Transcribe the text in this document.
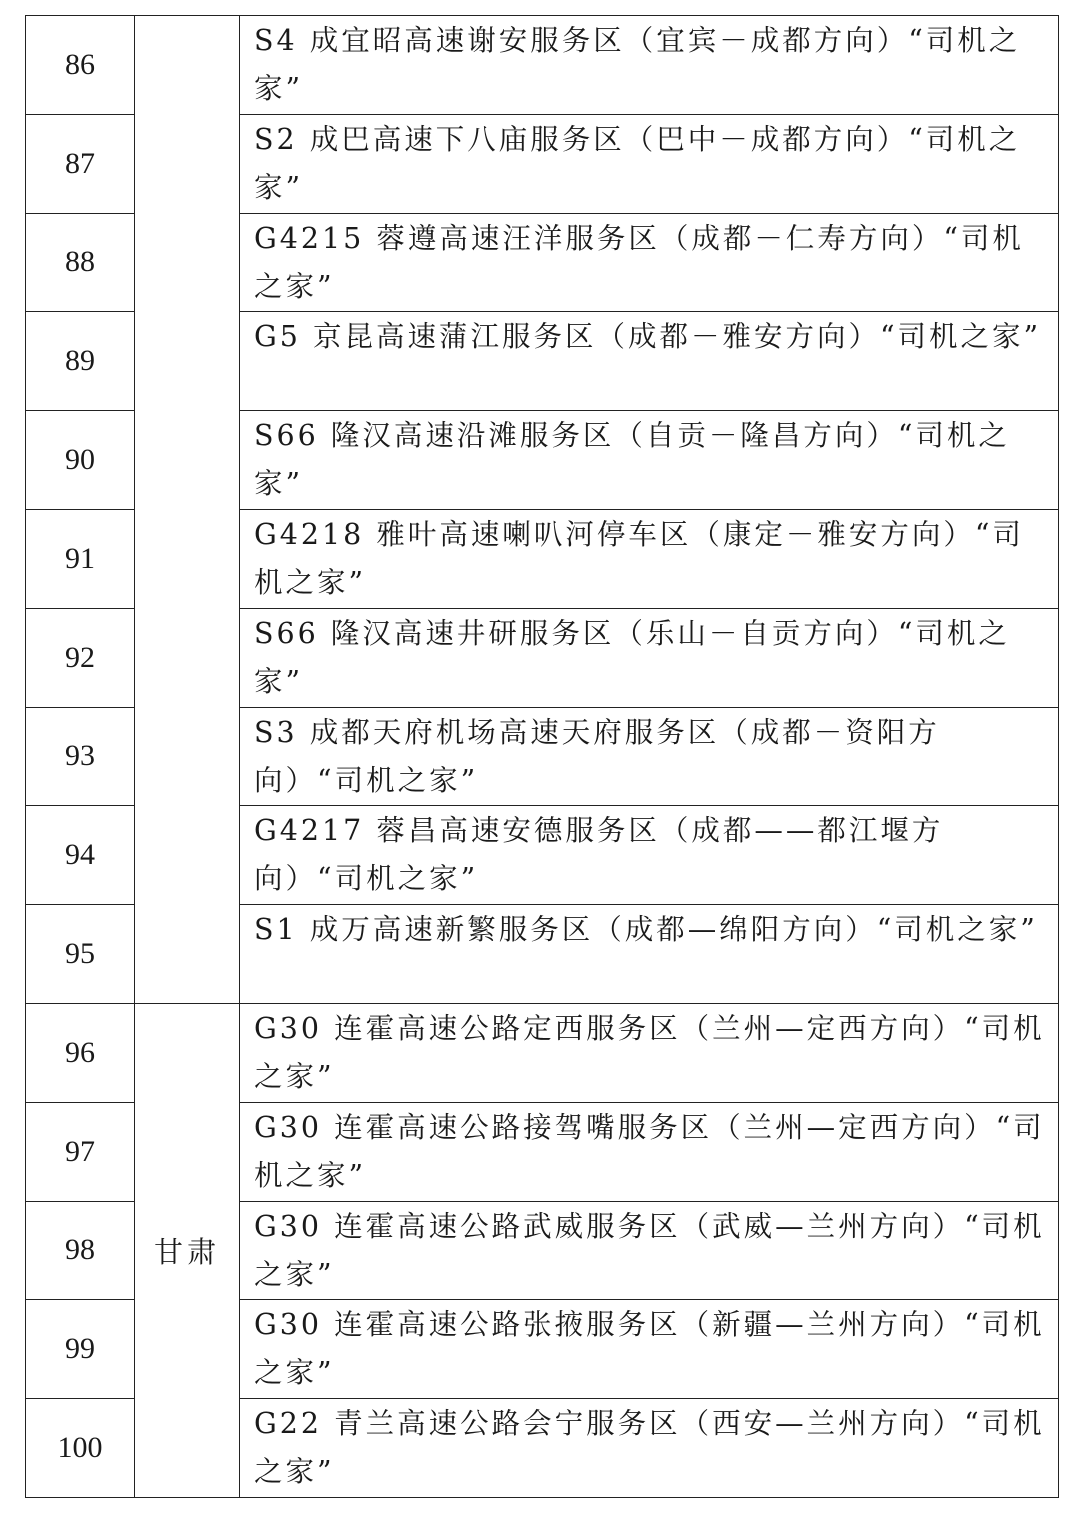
86		S4 成宜昭高速谢安服务区（宜宾－成都方向）“司机之家”

87		S2 成巴高速下八庙服务区（巴中－成都方向）“司机之家”

88		G4215 蓉遵高速汪洋服务区（成都－仁寿方向）“司机之家”

89		G5 京昆高速蒲江服务区（成都－雅安方向）“司机之家”

90		S66 隆汉高速沿滩服务区（自贡－隆昌方向）“司机之家”

91		G4218 雅叶高速喇叭河停车区（康定－雅安方向）“司机之家”

92		S66 隆汉高速井研服务区（乐山－自贡方向）“司机之家”

93		S3 成都天府机场高速天府服务区（成都－资阳方向）“司机之家”

94		G4217 蓉昌高速安德服务区（成都——都江堰方向）“司机之家”

95		S1 成万高速新繁服务区（成都—绵阳方向）“司机之家”

96	甘肃	G30 连霍高速公路定西服务区（兰州—定西方向）“司机之家”

97		G30 连霍高速公路接驾嘴服务区（兰州—定西方向）“司机之家”

98		G30 连霍高速公路武威服务区（武威—兰州方向）“司机之家”

99		G30 连霍高速公路张掖服务区（新疆—兰州方向）“司机之家”

100		G22 青兰高速公路会宁服务区（西安—兰州方向）“司机之家”
